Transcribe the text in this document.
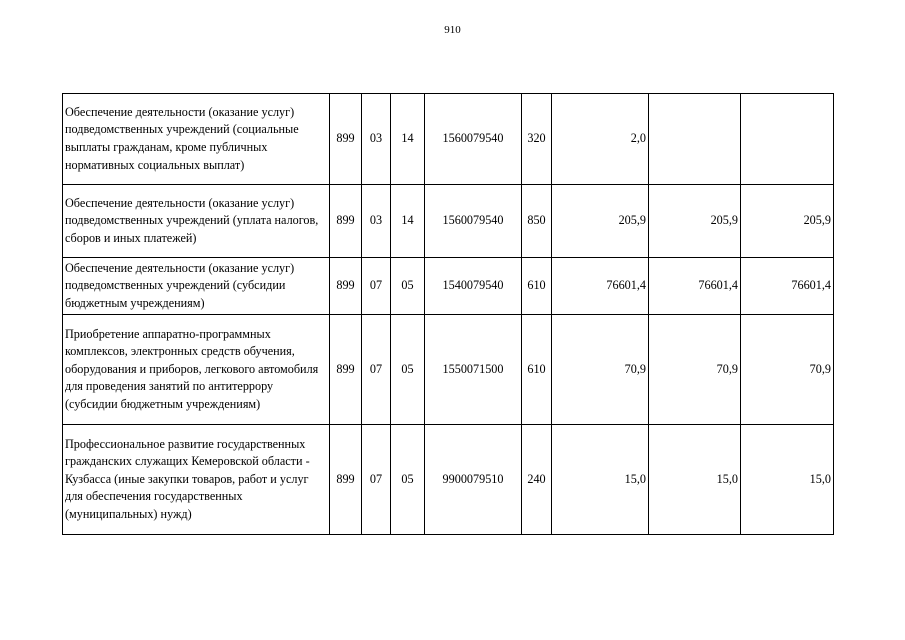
910
Обеспечение деятельности (оказание услуг) подведомственных учреждений (социальные выплаты гражданам, кроме публичных нормативных социальных выплат)	899	03	14	1560079540	320	2,0		
Обеспечение деятельности (оказание услуг) подведомственных учреждений (уплата налогов, сборов и иных платежей)	899	03	14	1560079540	850	205,9	205,9	205,9
Обеспечение деятельности (оказание услуг) подведомственных учреждений (субсидии бюджетным учреждениям)	899	07	05	1540079540	610	76601,4	76601,4	76601,4
Приобретение аппаратно-программных комплексов, электронных средств обучения, оборудования и приборов, легкового автомобиля для проведения занятий по антитеррору (субсидии бюджетным учреждениям)	899	07	05	1550071500	610	70,9	70,9	70,9
Профессиональное развитие государственных гражданских служащих Кемеровской области - Кузбасса (иные закупки товаров, работ и услуг для обеспечения государственных (муниципальных) нужд)	899	07	05	9900079510	240	15,0	15,0	15,0
